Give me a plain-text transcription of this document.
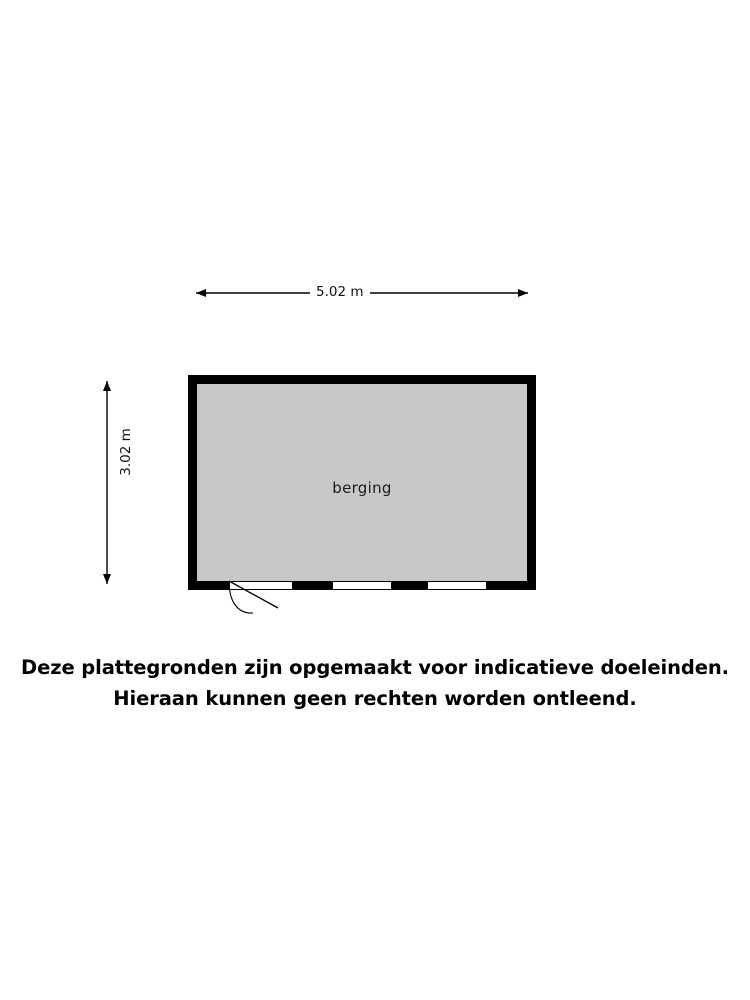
5.02 m
3.02 m
berging
Deze plattegronden zijn opgemaakt voor indicatieve doeleinden.
Hieraan kunnen geen rechten worden ontleend.
